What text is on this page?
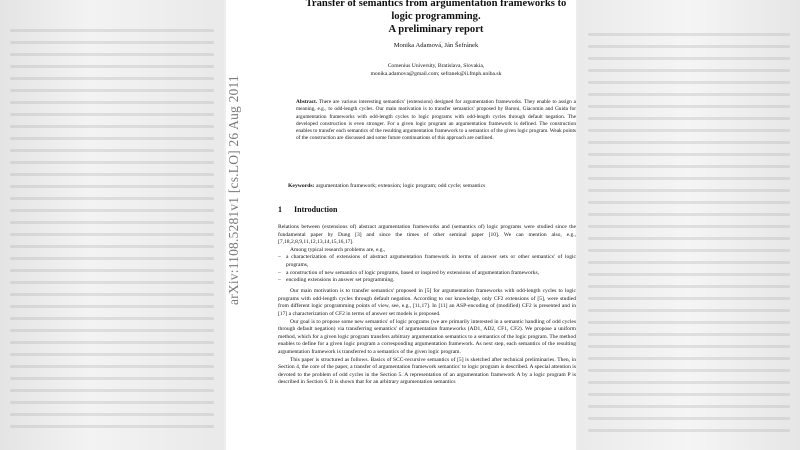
Transfer of semantics from argumentation frameworks to
logic programming.
A preliminary report
Monika Adamová, Ján Šefránek
Comenius University, Bratislava, Slovakia,
monika.adamova@gmail.com; sefranek@ii.fmph.uniba.sk
Abstract. There are various interesting semantics' (extensions) designed for argumentation frameworks. They enable to assign a meaning, e.g., to odd-length cycles. Our main motivation is to transfer semantics' proposed by Baroni, Giacomin and Guida for argumentation frameworks with odd-length cycles to logic programs with odd-length cycles through default negation. The developed construction is even stronger. For a given logic program an argumentation framework is defined. The construction enables to transfer each semantics of the resulting argumentation framework to a semantics of the given logic program. Weak points of the construction are discussed and some future continuations of this approach are outlined.
Keywords: argumentation framework; extension; logic program; odd cycle; semantics
1 Introduction

Relations between (extensions of) abstract argumentation frameworks and (semantics of) logic programs were studied since the fundamental paper by Dung [3] and since the times of other seminal paper [10]. We can mention also, e.g., [7,18,2,8,9,11,12,13,14,15,16,17].

Among typical research problems are, e.g.,

– a characterization of extensions of abstract argumentation framework in terms of answer sets or other semantics' of logic programs,
– a construction of new semantics of logic programs, based or inspired by extensions of argumentation frameworks,
– encoding extensions in answer set programming.

Our main motivation is to transfer semantics' proposed in [5] for argumentation frameworks with odd-length cycles to logic programs with odd-length cycles through default negation. According to our knowledge, only CF2 extensions of [5], were studied from different logic programming points of view, see, e.g., [11,17]. In [11] an ASP-encoding of (modified) CF2 is presented and in [17] a characterization of CF2 in terms of answer set models is proposed.

Our goal is to propose some new semantics' of logic programs (we are primarily interested in a semantic handling of odd cycles through default negation) via transferring semantics' of argumentation frameworks (AD1, AD2, CF1, CF2). We propose a uniform method, which for a given logic program transfers arbitrary argumentation semantics to a semantics of the logic program. The method enables to define for a given logic program a corresponding argumentation framework. As next step, each semantics of the resulting argumentation framework is transferred to a semantics of the given logic program.

This paper is structured as follows. Basics of SCC-recursive semantics of [5] is sketched after technical preliminaries. Then, in Section 4, the core of the paper, a transfer of argumentation framework semantics' to logic program is described. A special attention is devoted to the problem of odd cycles in the Section 5. A representation of an argumentation framework A by a logic program P is described in Section 6. It is shown that for an arbitrary argumentation semantics

arXiv:1108.5281v1 [cs.LO] 26 Aug 2011
